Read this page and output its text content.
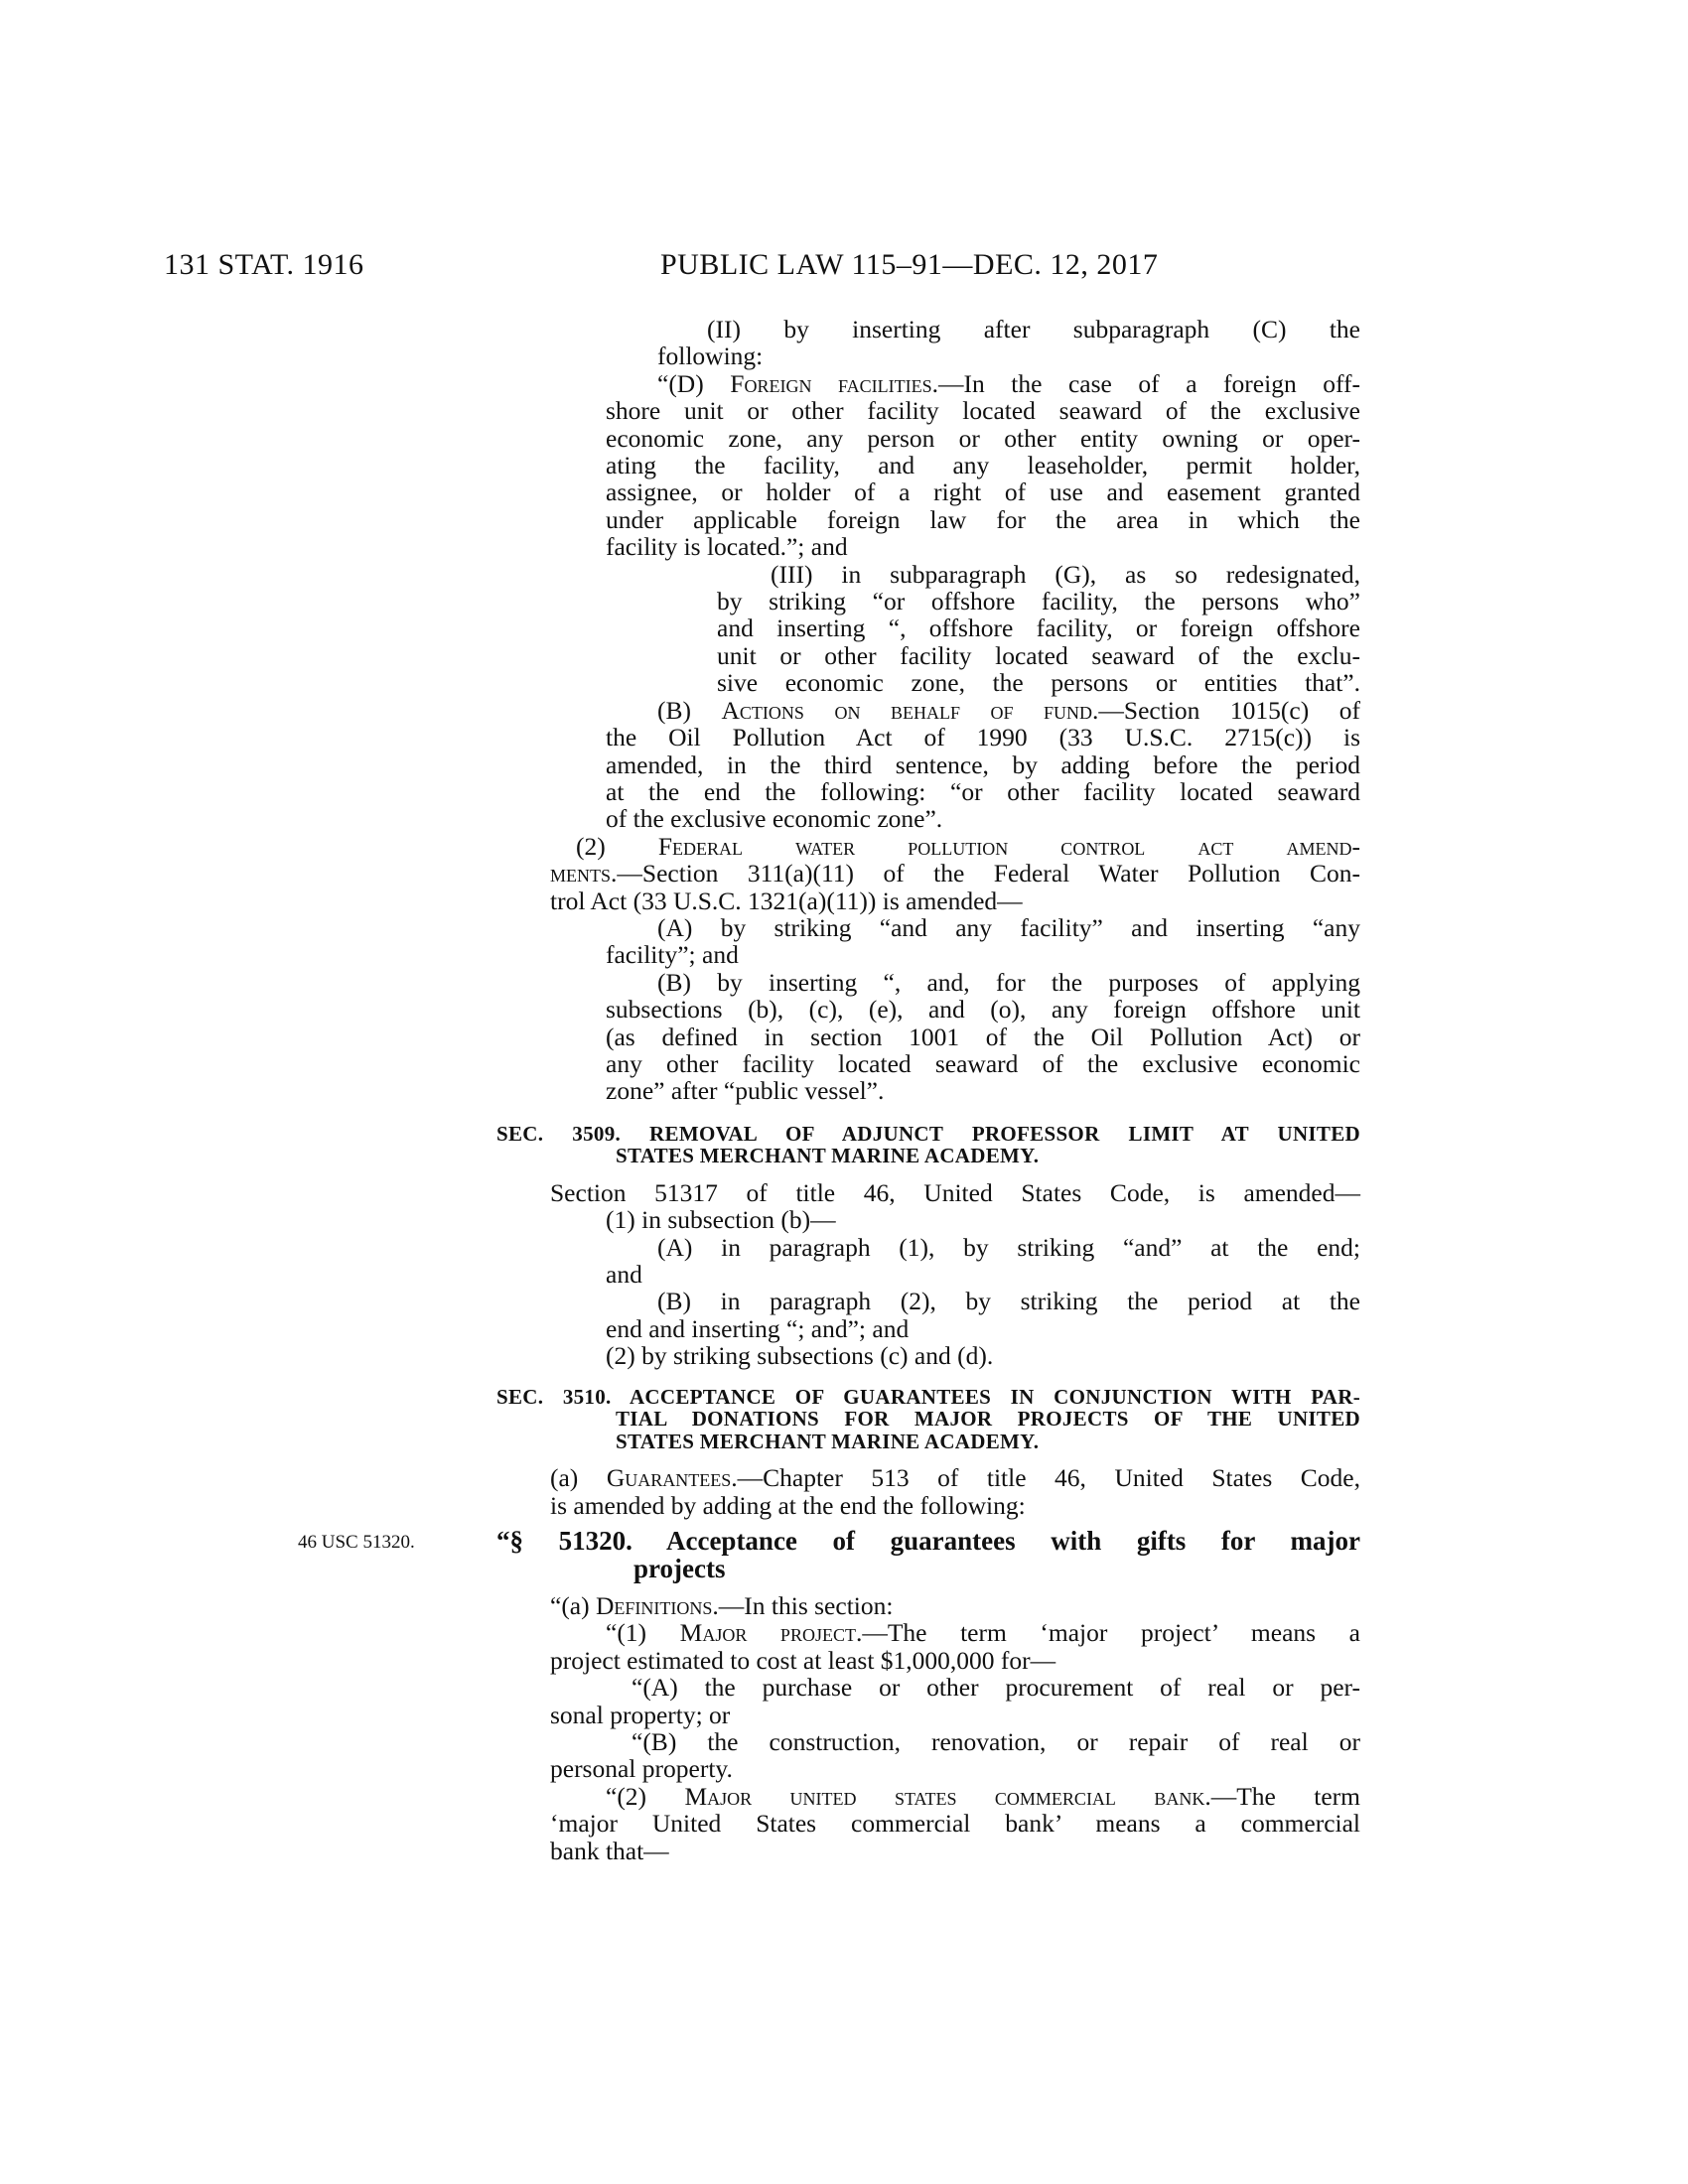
131 STAT. 1916	PUBLIC LAW 115–91—DEC. 12, 2017
(II) by inserting after subparagraph (C) the
following:
“(D) Foreign facilities.—In the case of a foreign off-
shore unit or other facility located seaward of the exclusive
economic zone, any person or other entity owning or oper-
ating the facility, and any leaseholder, permit holder,
assignee, or holder of a right of use and easement granted
under applicable foreign law for the area in which the
facility is located.”; and
(III) in subparagraph (G), as so redesignated,
by striking “or offshore facility, the persons who”
and inserting “, offshore facility, or foreign offshore
unit or other facility located seaward of the exclu-
sive economic zone, the persons or entities that”.
(B) Actions on behalf of fund.—Section 1015(c) of
the Oil Pollution Act of 1990 (33 U.S.C. 2715(c)) is
amended, in the third sentence, by adding before the period
at the end the following: “or other facility located seaward
of the exclusive economic zone”.
(2) Federal water pollution control act amend-
ments.—Section 311(a)(11) of the Federal Water Pollution Con-
trol Act (33 U.S.C. 1321(a)(11)) is amended—
(A) by striking “and any facility” and inserting “any
facility”; and
(B) by inserting “, and, for the purposes of applying
subsections (b), (c), (e), and (o), any foreign offshore unit
(as defined in section 1001 of the Oil Pollution Act) or
any other facility located seaward of the exclusive economic
zone” after “public vessel”.
SEC. 3509. REMOVAL OF ADJUNCT PROFESSOR LIMIT AT UNITED
STATES MERCHANT MARINE ACADEMY.
Section 51317 of title 46, United States Code, is amended—
(1) in subsection (b)—
(A) in paragraph (1), by striking “and” at the end;
and
(B) in paragraph (2), by striking the period at the
end and inserting “; and”; and
(2) by striking subsections (c) and (d).
SEC. 3510. ACCEPTANCE OF GUARANTEES IN CONJUNCTION WITH PAR-
TIAL DONATIONS FOR MAJOR PROJECTS OF THE UNITED
STATES MERCHANT MARINE ACADEMY.
(a) Guarantees.—Chapter 513 of title 46, United States Code,
is amended by adding at the end the following:
“§ 51320. Acceptance of guarantees with gifts for major
projects
“(a) Definitions.—In this section:
“(1) Major project.—The term ‘major project’ means a
project estimated to cost at least $1,000,000 for—
“(A) the purchase or other procurement of real or per-
sonal property; or
“(B) the construction, renovation, or repair of real or
personal property.
“(2) Major united states commercial bank.—The term
‘major United States commercial bank’ means a commercial
bank that—
46 USC 51320.
